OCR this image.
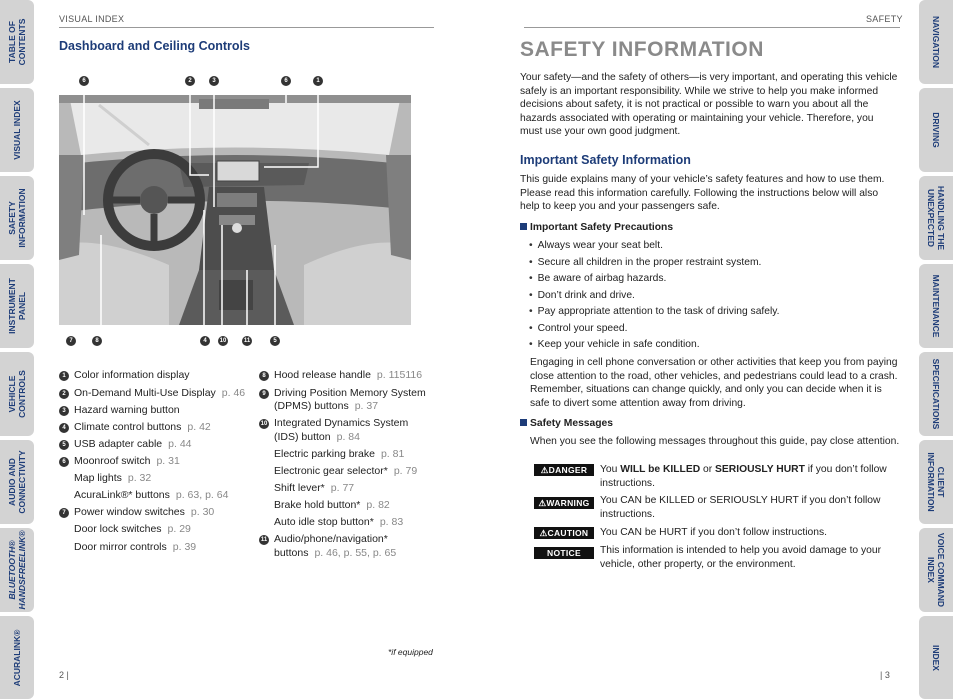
TABLE OF
CONTENTS
VISUAL INDEX
SAFETY
INFORMATION
INSTRUMENT
PANEL
VEHICLE
CONTROLS
AUDIO AND
CONNECTIVITY
BLUETOOTH®
HANDSFREELINK®
ACURALINK®
NAVIGATION
DRIVING
HANDLING THE
UNEXPECTED
MAINTENANCE
SPECIFICATIONS
CLIENT
INFORMATION
VOICE COMMAND
INDEX
INDEX
VISUAL INDEX
Dashboard and Ceiling Controls
6	2	3	6	1
7	8	4	10	11	5
1 Color information display
2 On-Demand Multi-Use Display p. 46
3 Hazard warning button
4 Climate control buttons p. 42
5 USB adapter cable p. 44
6 Moonroof switch p. 31
Map lights p. 32
AcuraLink®* buttons p. 63, p. 64
7 Power window switches p. 30
Door lock switches p. 29
Door mirror controls p. 39
8 Hood release handle p. 115116
9 Driving Position Memory System
(DPMS) buttons p. 37
10 Integrated Dynamics System
(IDS) button p. 84
Electric parking brake p. 81
Electronic gear selector* p. 79
Shift lever* p. 77
Brake hold button* p. 82
Auto idle stop button* p. 83
11 Audio/phone/navigation*
buttons p. 46, p. 55, p. 65
*if equipped
2 |
SAFETY
SAFETY INFORMATION
Your safety—and the safety of others—is very important, and operating this vehicle safely is an important responsibility. While we strive to help you make informed decisions about safety, it is not practical or possible to warn you about all the hazards associated with operating or maintaining your vehicle. Therefore, you must use your own good judgment.
Important Safety Information
This guide explains many of your vehicle’s safety features and how to use them. Please read this information carefully. Following the instructions below will also help to keep you and your passengers safe.
Important Safety Precautions
• Always wear your seat belt.
• Secure all children in the proper restraint system.
• Be aware of airbag hazards.
• Don’t drink and drive.
• Pay appropriate attention to the task of driving safely.
• Control your speed.
• Keep your vehicle in safe condition.
Engaging in cell phone conversation or other activities that keep you from paying close attention to the road, other vehicles, and pedestrians could lead to a crash. Remember, situations can change quickly, and only you can decide when it is safe to divert some attention away from driving.
Safety Messages
When you see the following messages throughout this guide, pay close attention.
⚠DANGER	You WILL be KILLED or SERIOUSLY HURT if you don’t follow instructions.
⚠WARNING	You CAN be KILLED or SERIOUSLY HURT if you don’t follow instructions.
⚠CAUTION	You CAN be HURT if you don’t follow instructions.
NOTICE	This information is intended to help you avoid damage to your vehicle, other property, or the environment.
| 3
